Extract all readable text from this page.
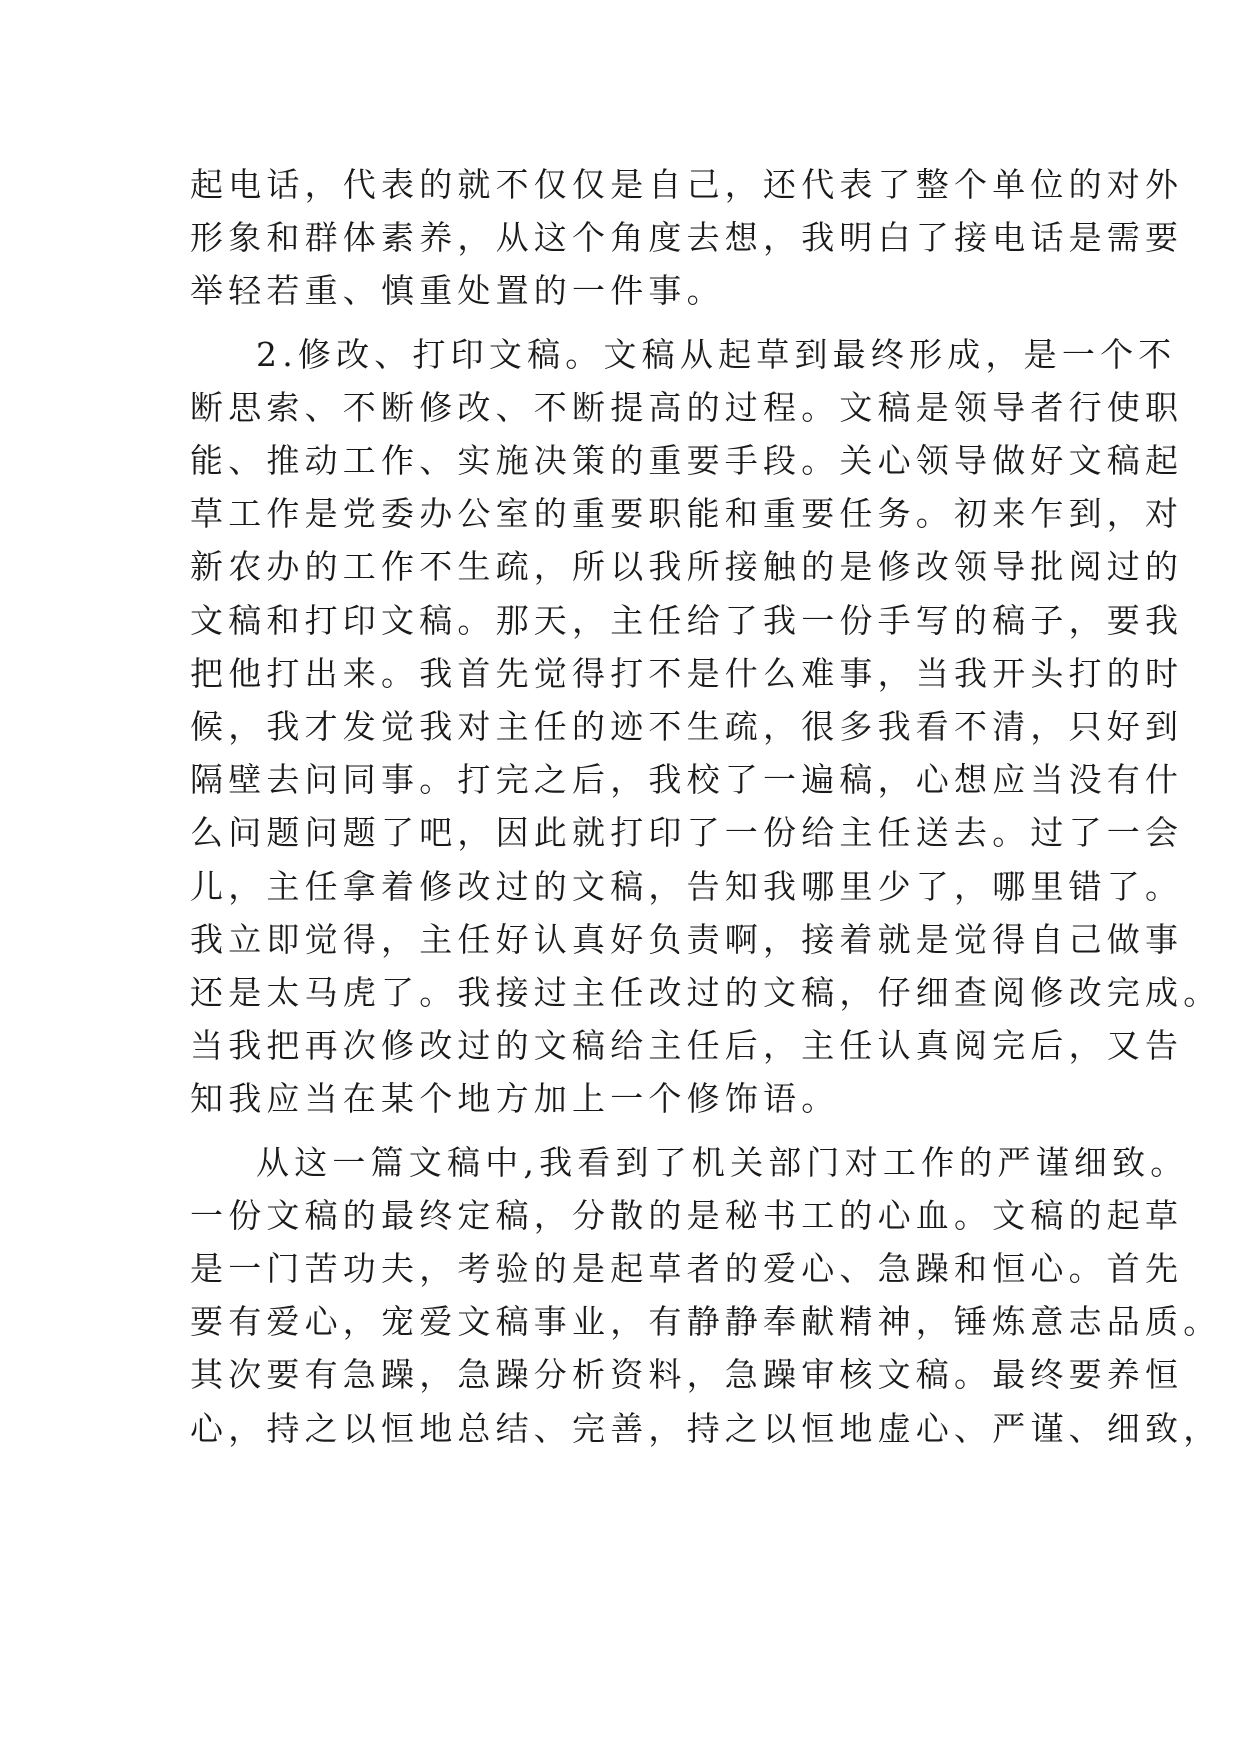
起电话，代表的就不仅仅是自己，还代表了整个单位的对外
形象和群体素养，从这个角度去想，我明白了接电话是需要
举轻若重、慎重处置的一件事。

2.修改、打印文稿。文稿从起草到最终形成，是一个不
断思索、不断修改、不断提高的过程。文稿是领导者行使职
能、推动工作、实施决策的重要手段。关心领导做好文稿起
草工作是党委办公室的重要职能和重要任务。初来乍到，对
新农办的工作不生疏，所以我所接触的是修改领导批阅过的
文稿和打印文稿。那天，主任给了我一份手写的稿子，要我
把他打出来。我首先觉得打不是什么难事，当我开头打的时
候，我才发觉我对主任的迹不生疏，很多我看不清，只好到
隔壁去问同事。打完之后，我校了一遍稿，心想应当没有什
么问题问题了吧，因此就打印了一份给主任送去。过了一会
儿，主任拿着修改过的文稿，告知我哪里少了，哪里错了。
我立即觉得，主任好认真好负责啊，接着就是觉得自己做事
还是太马虎了。我接过主任改过的文稿，仔细查阅修改完成。
当我把再次修改过的文稿给主任后，主任认真阅完后，又告
知我应当在某个地方加上一个修饰语。

从这一篇文稿中,我看到了机关部门对工作的严谨细致。
一份文稿的最终定稿，分散的是秘书工的心血。文稿的起草
是一门苦功夫，考验的是起草者的爱心、急躁和恒心。首先
要有爱心，宠爱文稿事业，有静静奉献精神，锤炼意志品质。
其次要有急躁，急躁分析资料，急躁审核文稿。最终要养恒
心，持之以恒地总结、完善，持之以恒地虚心、严谨、细致，
